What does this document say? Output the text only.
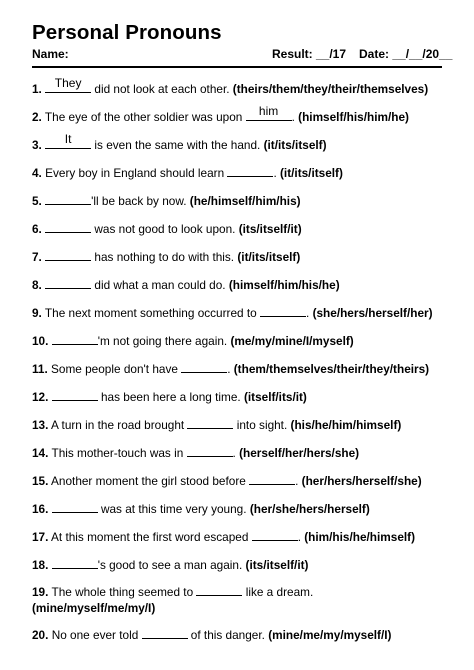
Personal Pronouns
Name:	Result: __/17 Date: __/__/20__
1.	They did not look at each other. (theirs/them/they/their/themselves)
2. The eye of the other soldier was upon	him	. (himself/his/him/he)
3.	It	is even the same with the hand. (it/its/itself)
4. Every boy in England should learn	. (it/its/itself)
5.	'll be back by now. (he/himself/him/his)
6.	was not good to look upon. (its/itself/it)
7.	has nothing to do with this. (it/its/itself)
8.	did what a man could do. (himself/him/his/he)
9. The next moment something occurred to	. (she/hers/herself/her)
10.	'm not going there again. (me/my/mine/I/myself)
11. Some people don't have	. (them/themselves/their/they/theirs)
12.	has been here a long time. (itself/its/it)
13. A turn in the road brought	into sight. (his/he/him/himself)
14. This mother-touch was in	. (herself/her/hers/she)
15. Another moment the girl stood before	. (her/hers/herself/she)
16.	was at this time very young. (her/she/hers/herself)
17. At this moment the first word escaped	. (him/his/he/himself)
18.	's good to see a man again. (its/itself/it)
19. The whole thing seemed to	like a dream.
(mine/myself/me/my/I)
20. No one ever told	of this danger. (mine/me/my/myself/I)
